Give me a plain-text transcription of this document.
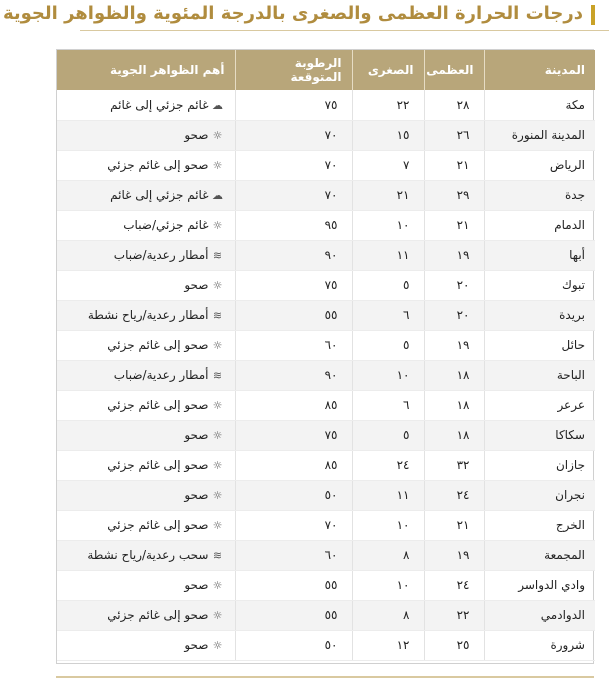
درجات الحرارة العظمى والصغرى بالدرجة المئوية والظواهر الجوية
المدينة	العظمى	الصغرى	الرطوبة المتوقعة	أهم الظواهر الجوية
مكة	٢٨	٢٢	٧٥	☁غائم جزئي إلى غائم
المدينة المنورة	٢٦	١٥	٧٠	☼صحو
الرياض	٢١	٧	٧٠	☼صحو إلى غائم جزئي
جدة	٢٩	٢١	٧٠	☁غائم جزئي إلى غائم
الدمام	٢١	١٠	٩٥	☼غائم جزئي/ضباب
أبها	١٩	١١	٩٠	≋أمطار رعدية/ضباب
تبوك	٢٠	٥	٧٥	☼صحو
بريدة	٢٠	٦	٥٥	≋أمطار رعدية/رياح نشطة
حائل	١٩	٥	٦٠	☼صحو إلى غائم جزئي
الباحة	١٨	١٠	٩٠	≋أمطار رعدية/ضباب
عرعر	١٨	٦	٨٥	☼صحو إلى غائم جزئي
سكاكا	١٨	٥	٧٥	☼صحو
جازان	٣٢	٢٤	٨٥	☼صحو إلى غائم جزئي
نجران	٢٤	١١	٥٠	☼صحو
الخرج	٢١	١٠	٧٠	☼صحو إلى غائم جزئي
المجمعة	١٩	٨	٦٠	≋سحب رعدية/رياح نشطة
وادي الدواسر	٢٤	١٠	٥٥	☼صحو
الدوادمي	٢٢	٨	٥٥	☼صحو إلى غائم جزئي
شرورة	٢٥	١٢	٥٠	☼صحو
